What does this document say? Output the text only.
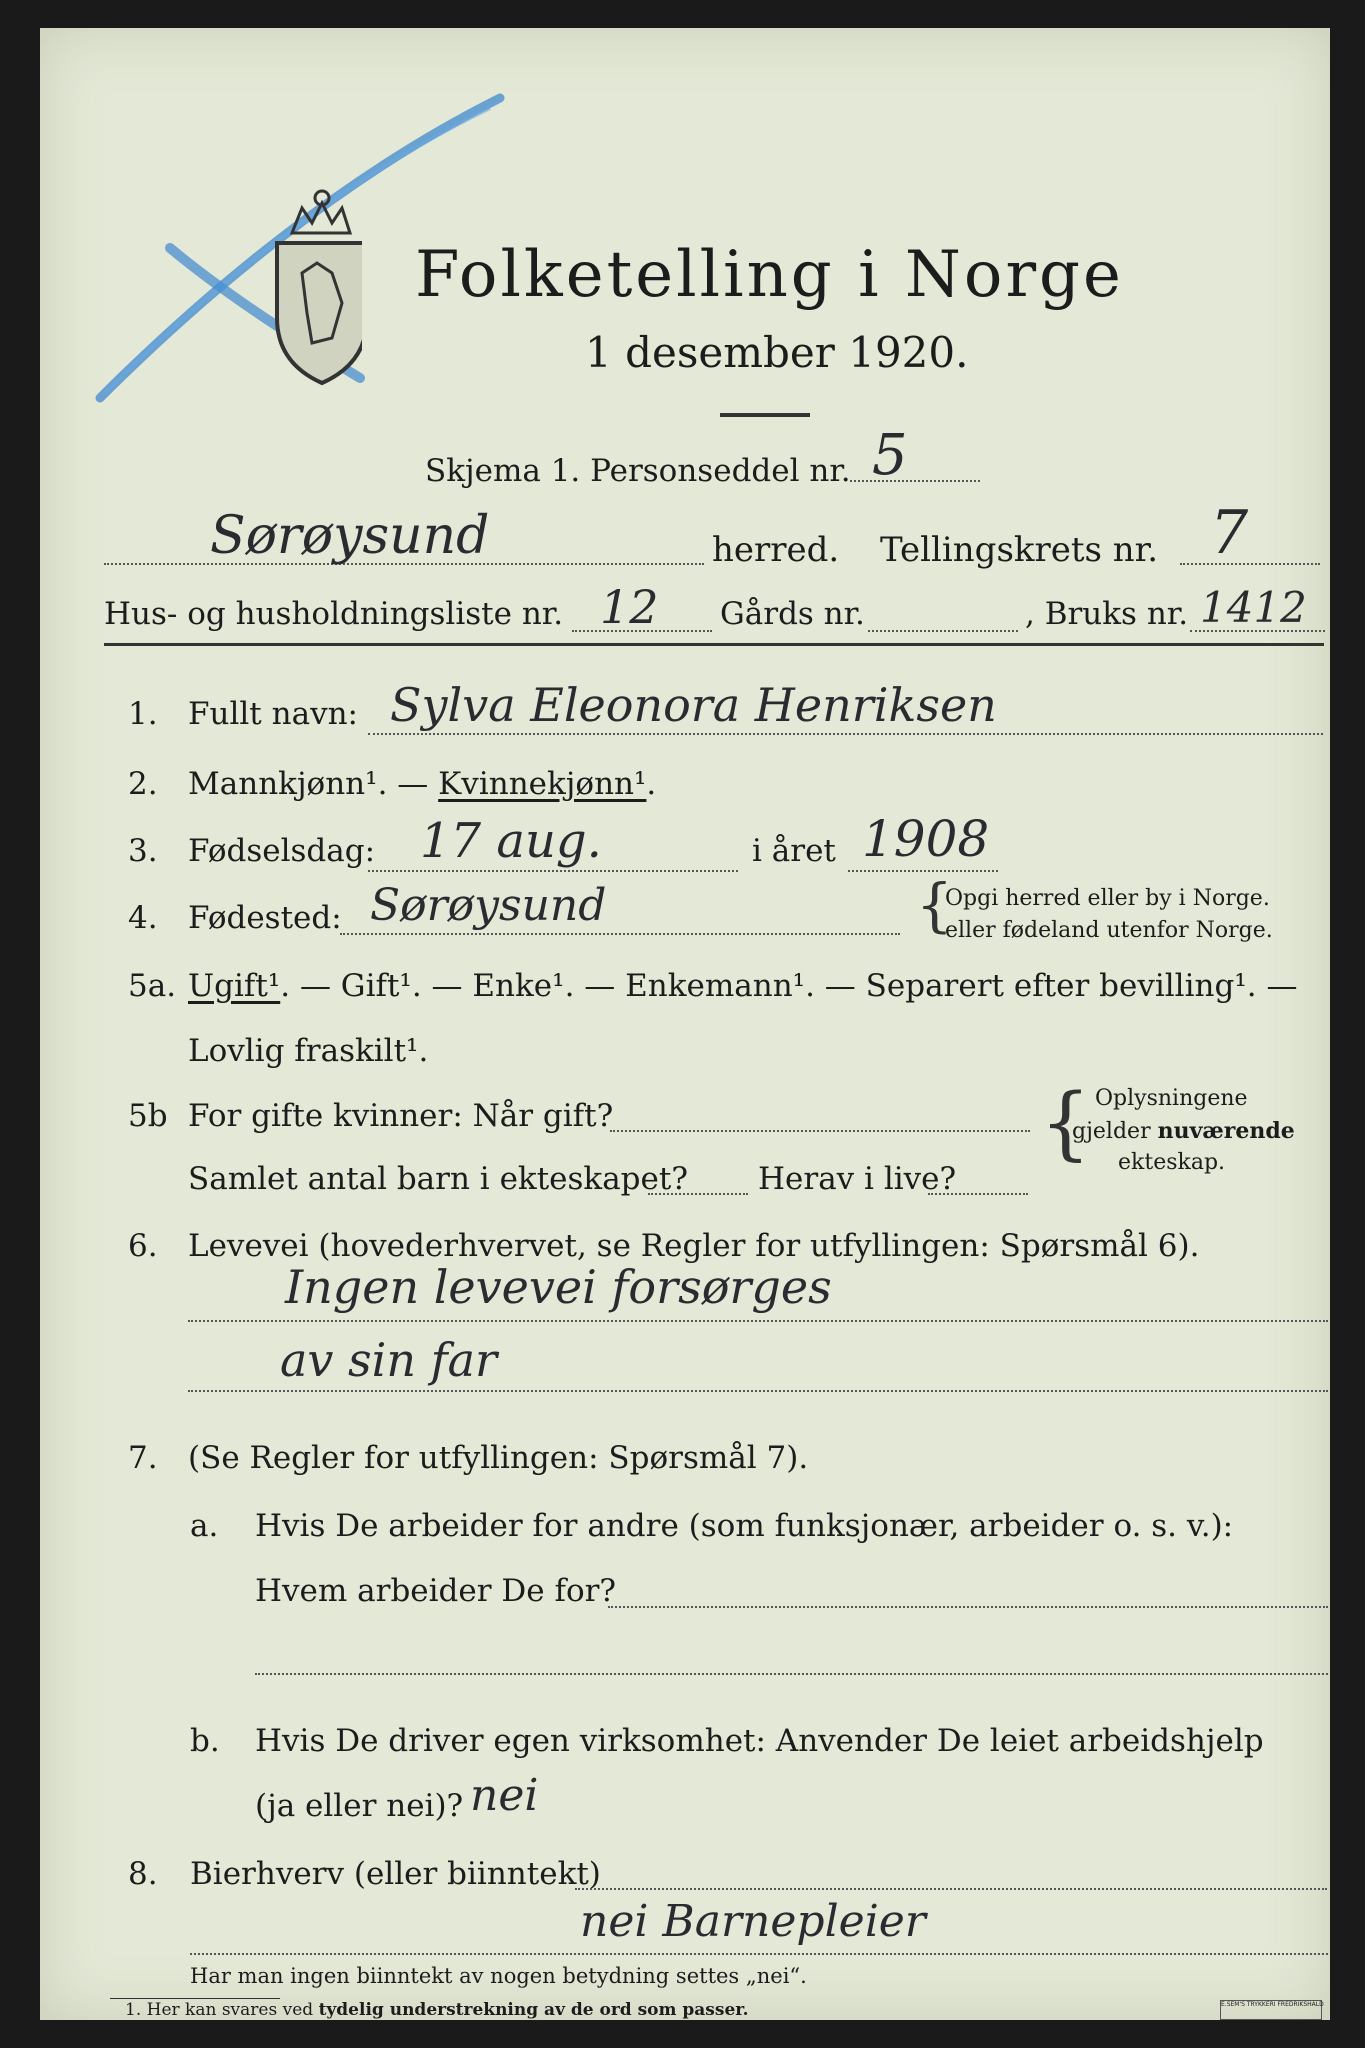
Folketelling i Norge
1 desember 1920.
Skjema 1. Personseddel nr. 5
Sørøysund	herred. Tellingskrets nr. 7
Hus- og husholdningsliste nr. 12 Gårds nr.	, Bruks nr. 1412
1. Fullt navn: Sylva Eleonora Henriksen
2. Mannkjønn¹. — Kvinnekjønn¹.
3. Fødselsdag: 17 aug.	i året 1908
4. Fødested: Sørøysund	{
Opgi herred eller by i Norge.
eller fødeland utenfor Norge.
5a. Ugift¹. — Gift¹. — Enke¹. — Enkemann¹. — Separert efter bevilling¹. —
Lovlig fraskilt¹.
5b For gifte kvinner: Når gift?
Samlet antal barn i ekteskapet? Herav i live?
{ Oplysningene
gjelder nuværende
ekteskap.
6. Levevei (hovederhvervet, se Regler for utfyllingen: Spørsmål 6).
Ingen levevei forsørges
av sin far
7. (Se Regler for utfyllingen: Spørsmål 7).
a. Hvis De arbeider for andre (som funksjonær, arbeider o. s. v.):
Hvem arbeider De for?
b. Hvis De driver egen virksomhet: Anvender De leiet arbeidshjelp
(ja eller nei)? nei
8. Bierhverv (eller biinntekt)
nei Barnepleier
Har man ingen biinntekt av nogen betydning settes „nei“.
1. Her kan svares ved tydelig understrekning av de ord som passer.	E.SEM'S TRYKKERI FREDRIKSHALD
